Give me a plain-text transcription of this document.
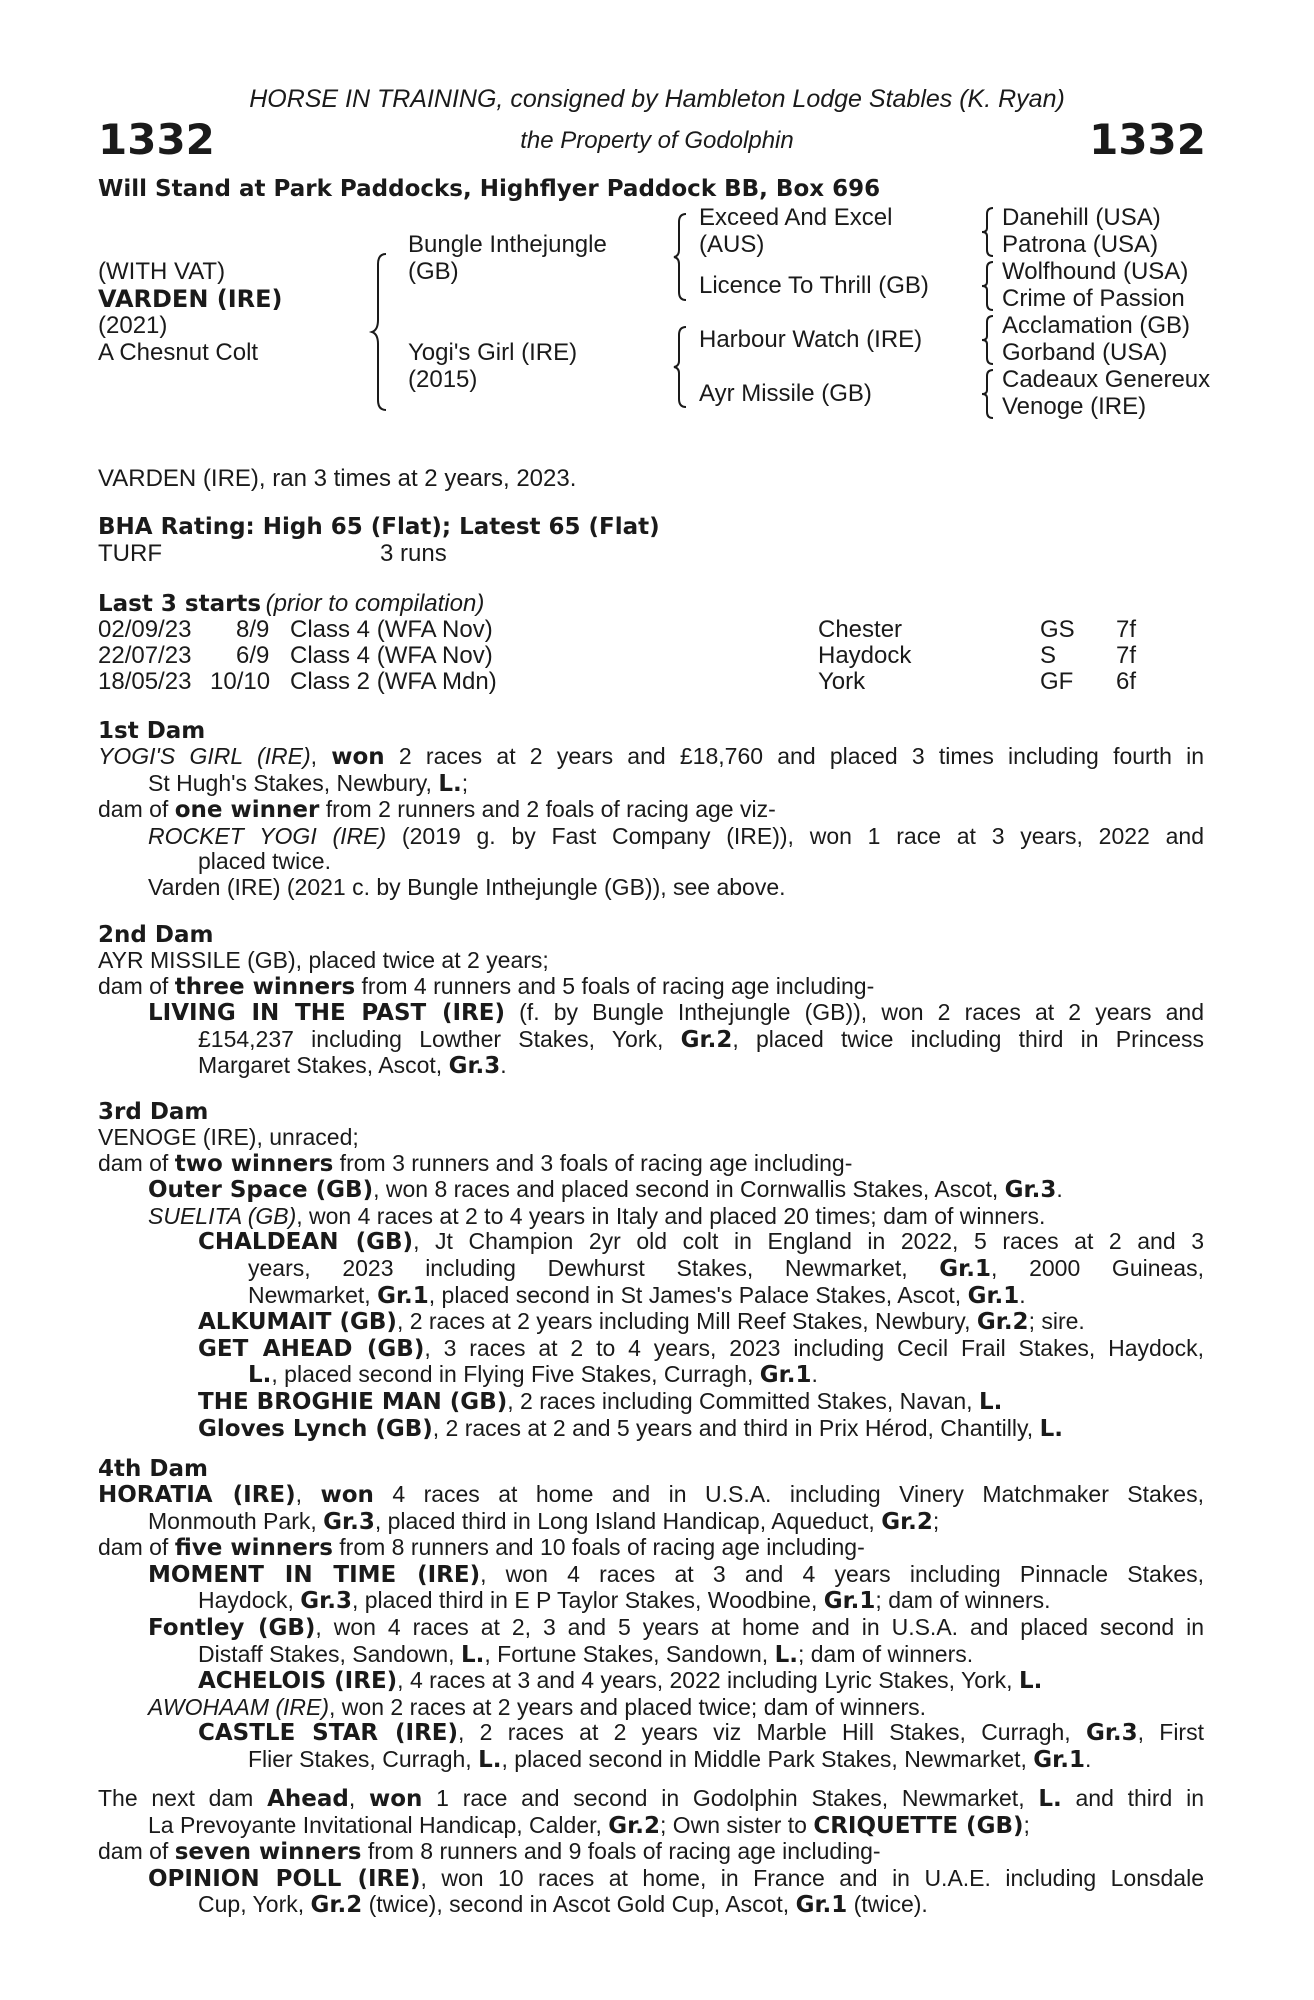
HORSE IN TRAINING, consigned by Hambleton Lodge Stables (K. Ryan)
1332	the Property of Godolphin	1332
Will Stand at Park Paddocks, Highflyer Paddock BB, Box 696
(WITH VAT)
VARDEN (IRE)
(2021)
A Chesnut Colt
Bungle Inthejungle
(GB)
Yogi's Girl (IRE)
(2015)
Exceed And Excel
(AUS)
Licence To Thrill (GB)
Harbour Watch (IRE)
Ayr Missile (GB)
Danehill (USA)
Patrona (USA)
Wolfhound (USA)
Crime of Passion
Acclamation (GB)
Gorband (USA)
Cadeaux Genereux
Venoge (IRE)
VARDEN (IRE), ran 3 times at 2 years, 2023.
BHA Rating: High 65 (Flat); Latest 65 (Flat)
TURF	3 runs
Last 3 starts (prior to compilation)
02/09/23 8/9 Class 4 (WFA Nov)	Chester	GS 7f
22/07/23 6/9 Class 4 (WFA Nov)	Haydock	S 7f
18/05/23 10/10 Class 2 (WFA Mdn)	York	GF 6f
1st Dam
YOGI'S GIRL (IRE), won 2 races at 2 years and £18,760 and placed 3 times including fourth in
St Hugh's Stakes, Newbury, L.;
dam of one winner from 2 runners and 2 foals of racing age viz-
ROCKET YOGI (IRE) (2019 g. by Fast Company (IRE)), won 1 race at 3 years, 2022 and
placed twice.
Varden (IRE) (2021 c. by Bungle Inthejungle (GB)), see above.
2nd Dam
AYR MISSILE (GB), placed twice at 2 years;
dam of three winners from 4 runners and 5 foals of racing age including-
LIVING IN THE PAST (IRE) (f. by Bungle Inthejungle (GB)), won 2 races at 2 years and
£154,237 including Lowther Stakes, York, Gr.2, placed twice including third in Princess
Margaret Stakes, Ascot, Gr.3.
3rd Dam
VENOGE (IRE), unraced;
dam of two winners from 3 runners and 3 foals of racing age including-
Outer Space (GB), won 8 races and placed second in Cornwallis Stakes, Ascot, Gr.3.
SUELITA (GB), won 4 races at 2 to 4 years in Italy and placed 20 times; dam of winners.
CHALDEAN (GB), Jt Champion 2yr old colt in England in 2022, 5 races at 2 and 3
years, 2023 including Dewhurst Stakes, Newmarket, Gr.1, 2000 Guineas,
Newmarket, Gr.1, placed second in St James's Palace Stakes, Ascot, Gr.1.
ALKUMAIT (GB), 2 races at 2 years including Mill Reef Stakes, Newbury, Gr.2; sire.
GET AHEAD (GB), 3 races at 2 to 4 years, 2023 including Cecil Frail Stakes, Haydock,
L., placed second in Flying Five Stakes, Curragh, Gr.1.
THE BROGHIE MAN (GB), 2 races including Committed Stakes, Navan, L.
Gloves Lynch (GB), 2 races at 2 and 5 years and third in Prix Hérod, Chantilly, L.
4th Dam
HORATIA (IRE), won 4 races at home and in U.S.A. including Vinery Matchmaker Stakes,
Monmouth Park, Gr.3, placed third in Long Island Handicap, Aqueduct, Gr.2;
dam of five winners from 8 runners and 10 foals of racing age including-
MOMENT IN TIME (IRE), won 4 races at 3 and 4 years including Pinnacle Stakes,
Haydock, Gr.3, placed third in E P Taylor Stakes, Woodbine, Gr.1; dam of winners.
Fontley (GB), won 4 races at 2, 3 and 5 years at home and in U.S.A. and placed second in
Distaff Stakes, Sandown, L., Fortune Stakes, Sandown, L.; dam of winners.
ACHELOIS (IRE), 4 races at 3 and 4 years, 2022 including Lyric Stakes, York, L.
AWOHAAM (IRE), won 2 races at 2 years and placed twice; dam of winners.
CASTLE STAR (IRE), 2 races at 2 years viz Marble Hill Stakes, Curragh, Gr.3, First
Flier Stakes, Curragh, L., placed second in Middle Park Stakes, Newmarket, Gr.1.
The next dam Ahead, won 1 race and second in Godolphin Stakes, Newmarket, L. and third in
La Prevoyante Invitational Handicap, Calder, Gr.2; Own sister to CRIQUETTE (GB);
dam of seven winners from 8 runners and 9 foals of racing age including-
OPINION POLL (IRE), won 10 races at home, in France and in U.A.E. including Lonsdale
Cup, York, Gr.2 (twice), second in Ascot Gold Cup, Ascot, Gr.1 (twice).
